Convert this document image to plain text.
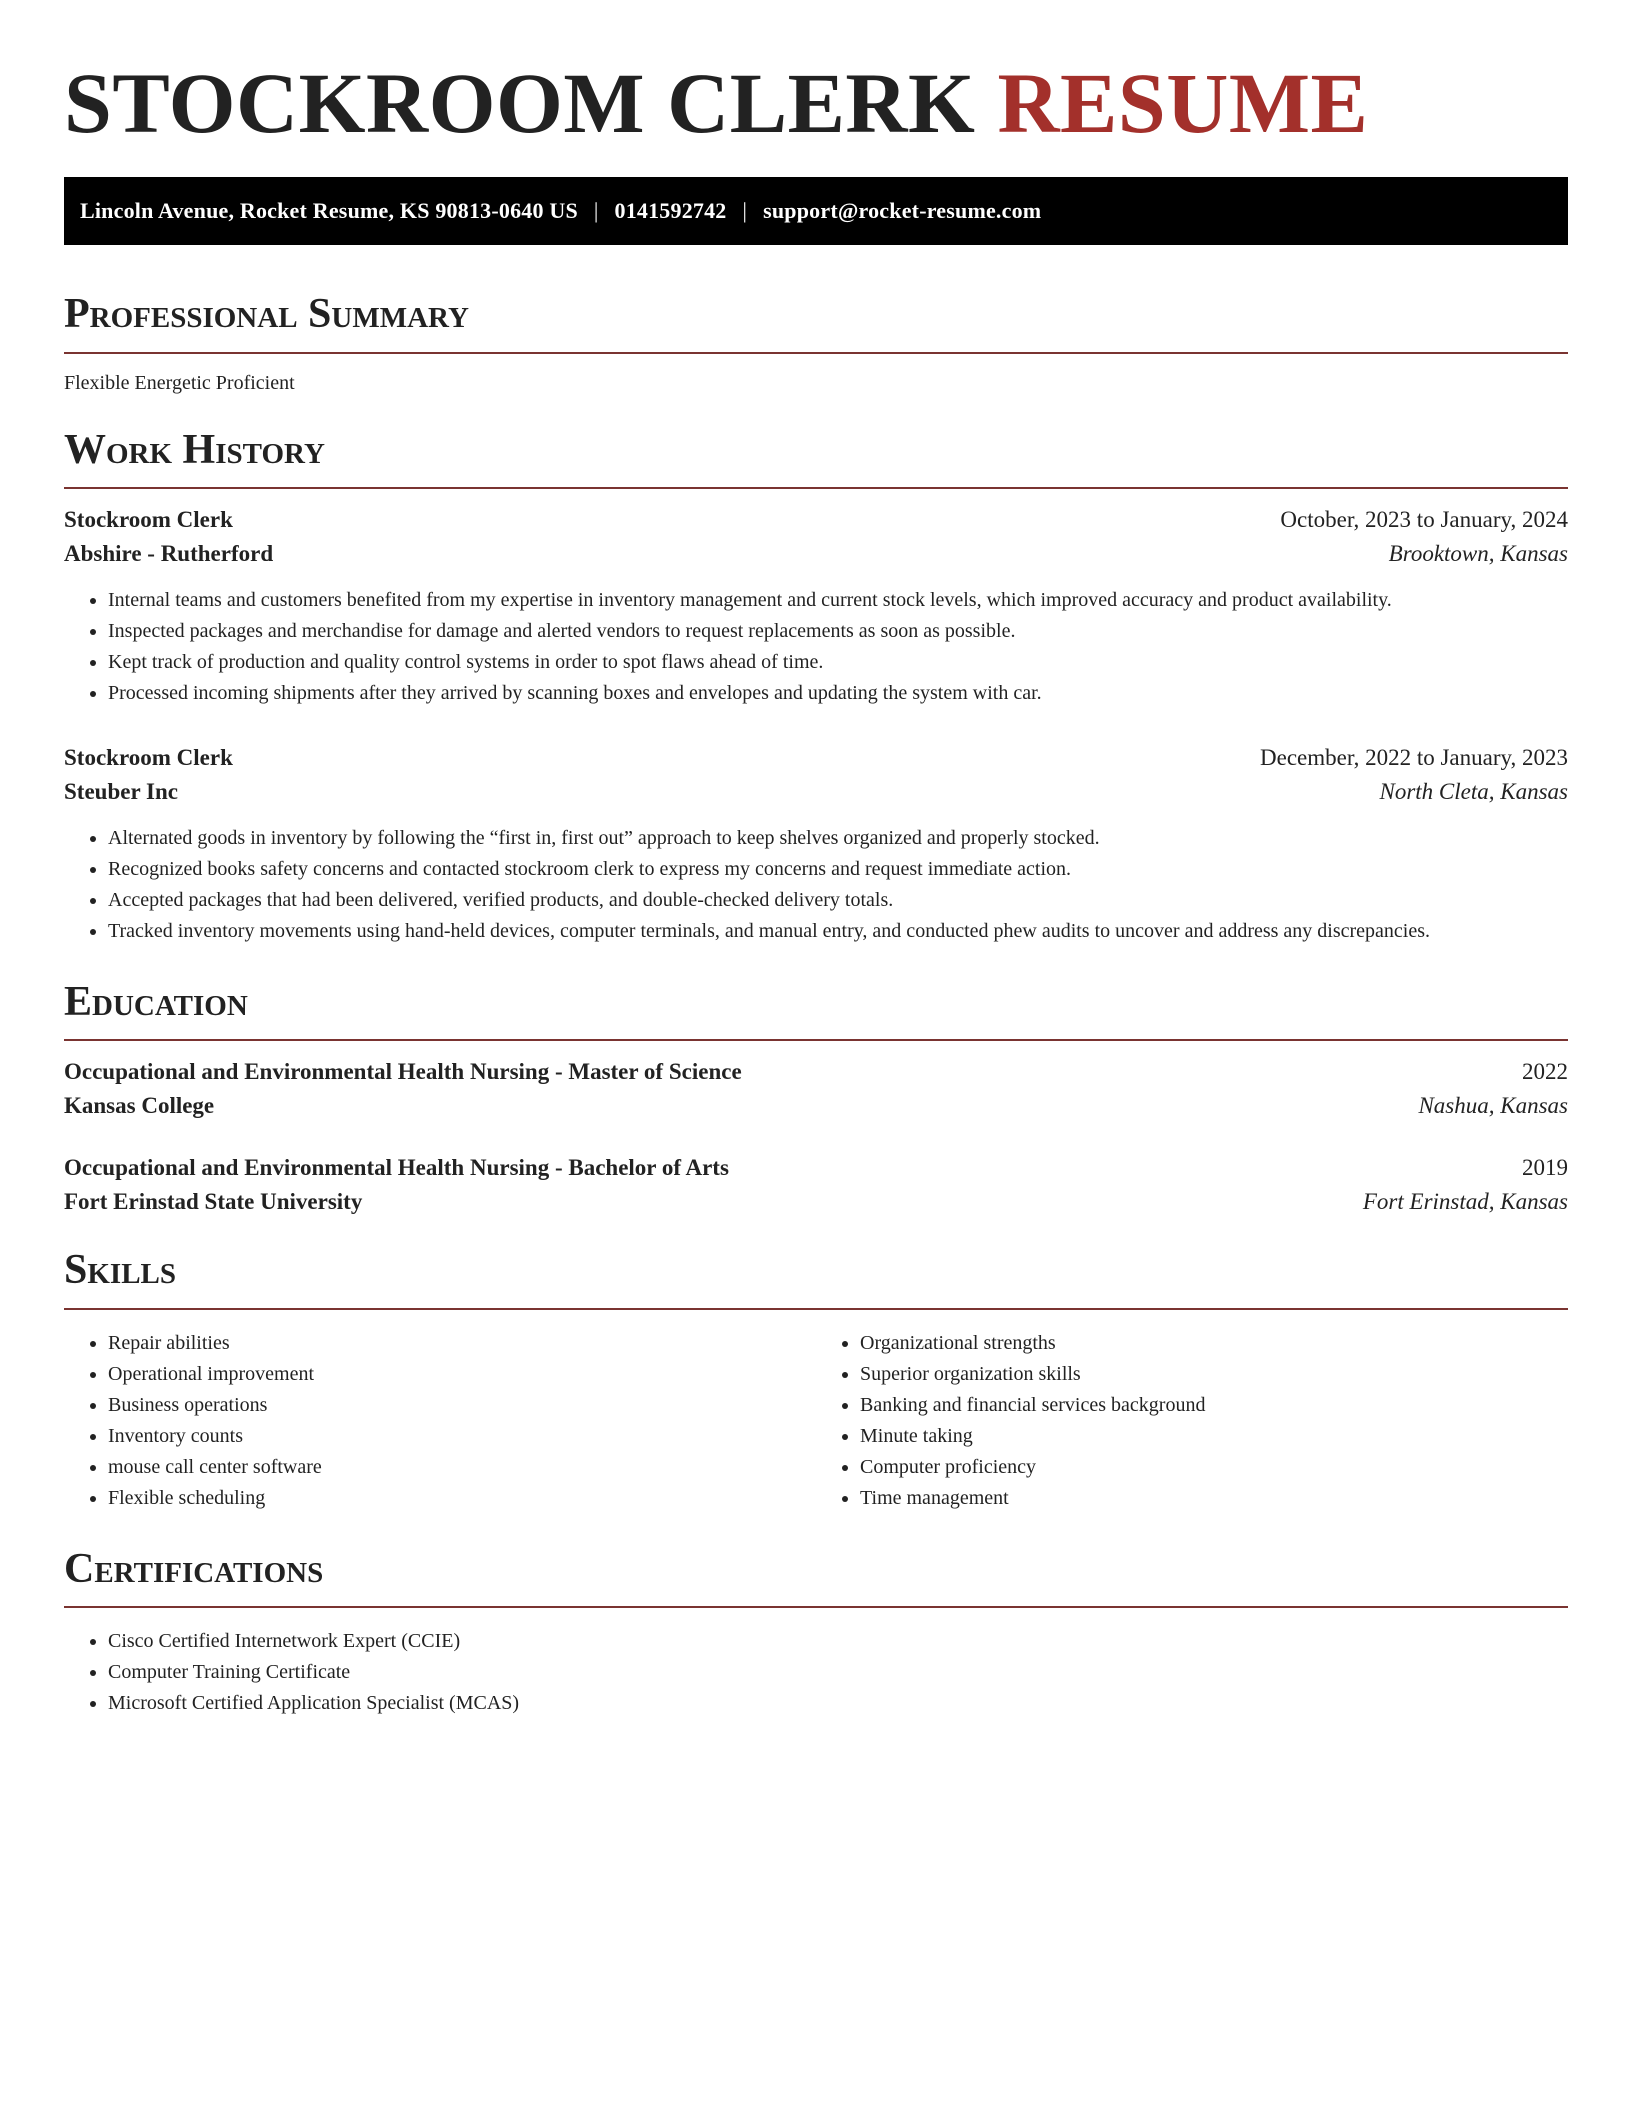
STOCKROOM CLERK RESUME
Lincoln Avenue, Rocket Resume, KS 90813-0640 US | 0141592742 | support@rocket-resume.com
Professional Summary
Flexible Energetic Proficient
Work History
Stockroom Clerk	October, 2023 to January, 2024
Abshire - Rutherford	Brooktown, Kansas
• Internal teams and customers benefited from my expertise in inventory management and current stock levels, which improved accuracy and product availability.
• Inspected packages and merchandise for damage and alerted vendors to request replacements as soon as possible.
• Kept track of production and quality control systems in order to spot flaws ahead of time.
• Processed incoming shipments after they arrived by scanning boxes and envelopes and updating the system with car.
Stockroom Clerk	December, 2022 to January, 2023
Steuber Inc	North Cleta, Kansas
• Alternated goods in inventory by following the “first in, first out” approach to keep shelves organized and properly stocked.
• Recognized books safety concerns and contacted stockroom clerk to express my concerns and request immediate action.
• Accepted packages that had been delivered, verified products, and double-checked delivery totals.
• Tracked inventory movements using hand-held devices, computer terminals, and manual entry, and conducted phew audits to uncover and address any discrepancies.
Education
Occupational and Environmental Health Nursing - Master of Science	2022
Kansas College	Nashua, Kansas
Occupational and Environmental Health Nursing - Bachelor of Arts	2019
Fort Erinstad State University	Fort Erinstad, Kansas
Skills
• Repair abilities
• Operational improvement
• Business operations
• Inventory counts
• mouse call center software
• Flexible scheduling
• Organizational strengths
• Superior organization skills
• Banking and financial services background
• Minute taking
• Computer proficiency
• Time management
Certifications
• Cisco Certified Internetwork Expert (CCIE)
• Computer Training Certificate
• Microsoft Certified Application Specialist (MCAS)
